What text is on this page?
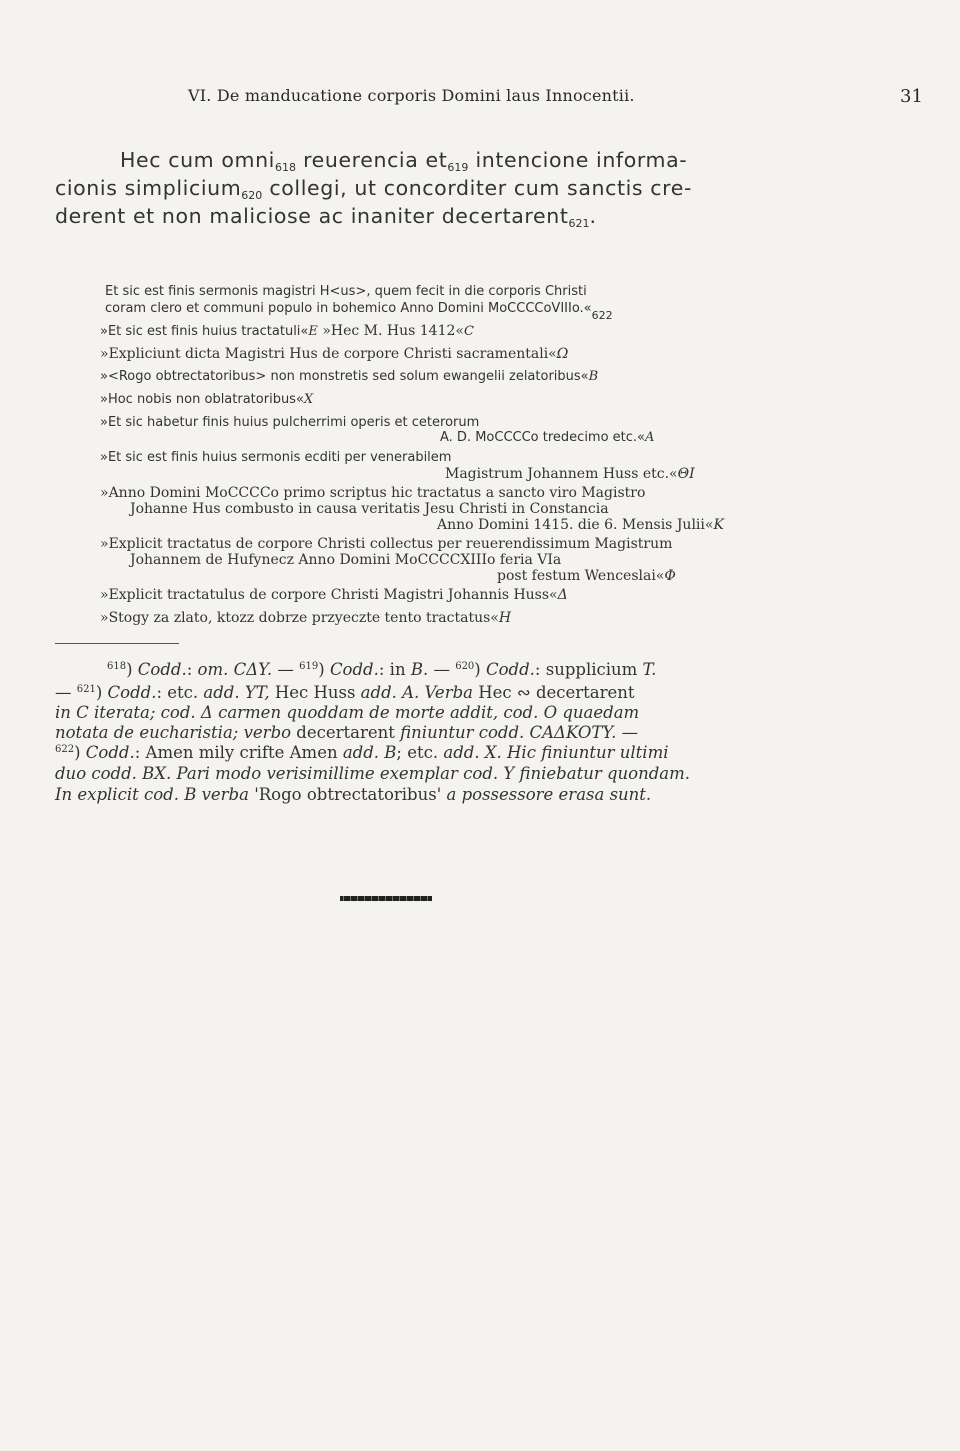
VI. De manducatione corporis Domini laus Innocentii.	31
Hec cum omni$_{618}$ reuerencia $et_{619}$ intencione informa-
cionis simplicium$_{620}$ collegi, ut concorditer cum sanctis cre-
derent et non maliciose ac inaniter decertarent$_{621}$.
Et sic est finis sermonis magistri H<us>, quem fecit in die corporis Christi
coram clero et communi populo in bohemico Anno Domini $MoCCCCoVIIIo.«_{622}$
»Et sic est finis huius tractatuli«E »Hec M. Hus 1412«C
»Expliciunt dicta Magistri Hus de corpore Christi sacramentali«Ω
»<Rogo obtrectatoribus> non monstretis sed solum ewangelii zelatoribus«B
»Hoc nobis non oblatratoribus«X
»Et sic habetur finis huius pulcherrimi operis et ceterorum
A. D. MoCCCCo tredecimo etc.«A
»Et sic est finis huius sermonis ecditi per venerabilem
Magistrum Johannem Huss etc.«ΘI
»Anno Domini MoCCCCo primo scriptus hic tractatus a sancto viro Magistro
Johanne Hus combusto in causa veritatis Jesu Christi in Constancia
Anno Domini 1415. die 6. Mensis Julii«K
»Explicit tractatus de corpore Christi collectus per reuerendissimum Magistrum
Johannem de Hufynecz Anno Domini MoCCCCXIIIo feria VIa
post festum Wenceslai«Φ
»Explicit tractatulus de corpore Christi Magistri Johannis Huss«Δ
»Stogy za zlato, ktozz dobrze przyeczte tento tractatus«H
$^{618}$) Codd.: om. CΔY. — $^{619}$) Codd.: in B. — $^{620}$) Codd.: supplicium T.
— $^{621}$) Codd.: etc. add. YT, Hec Huss add. A. Verba Hec ∾ decertarent
in C iterata; cod. Δ carmen quoddam de morte addit, cod. O quaedam
notata de eucharistia; verbo decertarent finiuntur codd. CAΔKOTY. —
$^{622}$) Codd.: Amen mily crifte Amen add. B; etc. add. X. Hic finiuntur ultimi
duo codd. BX. Pari modo verisimillime exemplar cod. Y finiebatur quondam.
In explicit cod. B verba 'Rogo obtrectatoribus' a possessore erasa sunt.
